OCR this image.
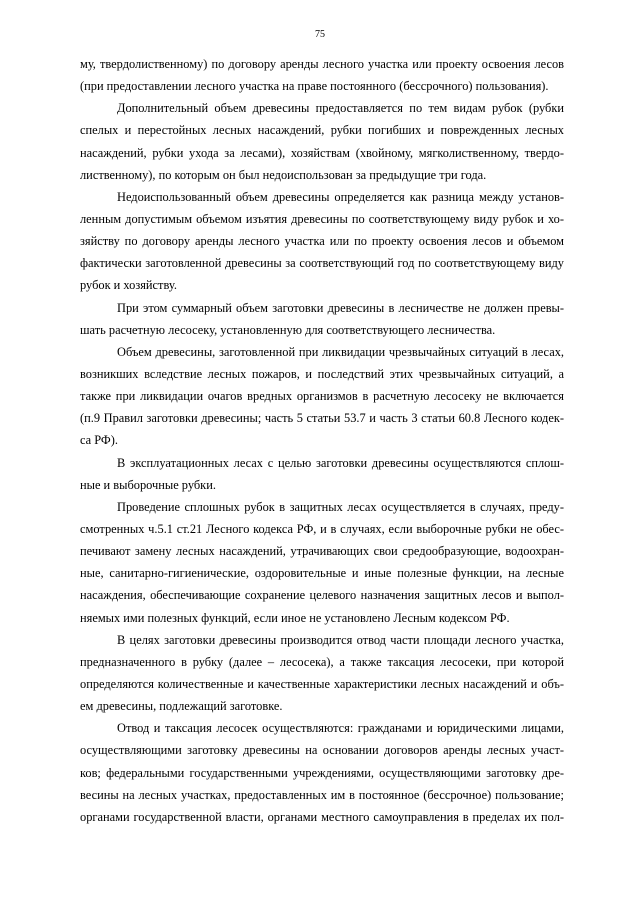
75
му, твердолиственному) по договору аренды лесного участка или проекту освоения лесов
(при предоставлении лесного участка на праве постоянного (бессрочного) пользования).
Дополнительный объем древесины предоставляется по тем видам рубок (рубки
спелых и перестойных лесных насаждений, рубки погибших и поврежденных лесных
насаждений, рубки ухода за лесами), хозяйствам (хвойному, мягколиственному, твердо-
лиственному), по которым он был недоиспользован за предыдущие три года.
Недоиспользованный объем древесины определяется как разница между установ-
ленным допустимым объемом изъятия древесины по соответствующему виду рубок и хо-
зяйству по договору аренды лесного участка или по проекту освоения лесов и объемом
фактически заготовленной древесины за соответствующий год по соответствующему виду
рубок и хозяйству.
При этом суммарный объем заготовки древесины в лесничестве не должен превы-
шать расчетную лесосеку, установленную для соответствующего лесничества.
Объем древесины, заготовленной при ликвидации чрезвычайных ситуаций в лесах,
возникших вследствие лесных пожаров, и последствий этих чрезвычайных ситуаций, а
также при ликвидации очагов вредных организмов в расчетную лесосеку не включается
(п.9 Правил заготовки древесины; часть 5 статьи 53.7 и часть 3 статьи 60.8 Лесного кодек-
са РФ).
В эксплуатационных лесах с целью заготовки древесины осуществляются сплош-
ные и выборочные рубки.
Проведение сплошных рубок в защитных лесах осуществляется в случаях, преду-
смотренных ч.5.1 ст.21 Лесного кодекса РФ, и в случаях, если выборочные рубки не обес-
печивают замену лесных насаждений, утрачивающих свои средообразующие, водоохран-
ные, санитарно-гигиенические, оздоровительные и иные полезные функции, на лесные
насаждения, обеспечивающие сохранение целевого назначения защитных лесов и выпол-
няемых ими полезных функций, если иное не установлено Лесным кодексом РФ.
В целях заготовки древесины производится отвод части площади лесного участка,
предназначенного в рубку (далее – лесосека), а также таксация лесосеки, при которой
определяются количественные и качественные характеристики лесных насаждений и объ-
ем древесины, подлежащий заготовке.
Отвод и таксация лесосек осуществляются: гражданами и юридическими лицами,
осуществляющими заготовку древесины на основании договоров аренды лесных участ-
ков; федеральными государственными учреждениями, осуществляющими заготовку дре-
весины на лесных участках, предоставленных им в постоянное (бессрочное) пользование;
органами государственной власти, органами местного самоуправления в пределах их пол-
